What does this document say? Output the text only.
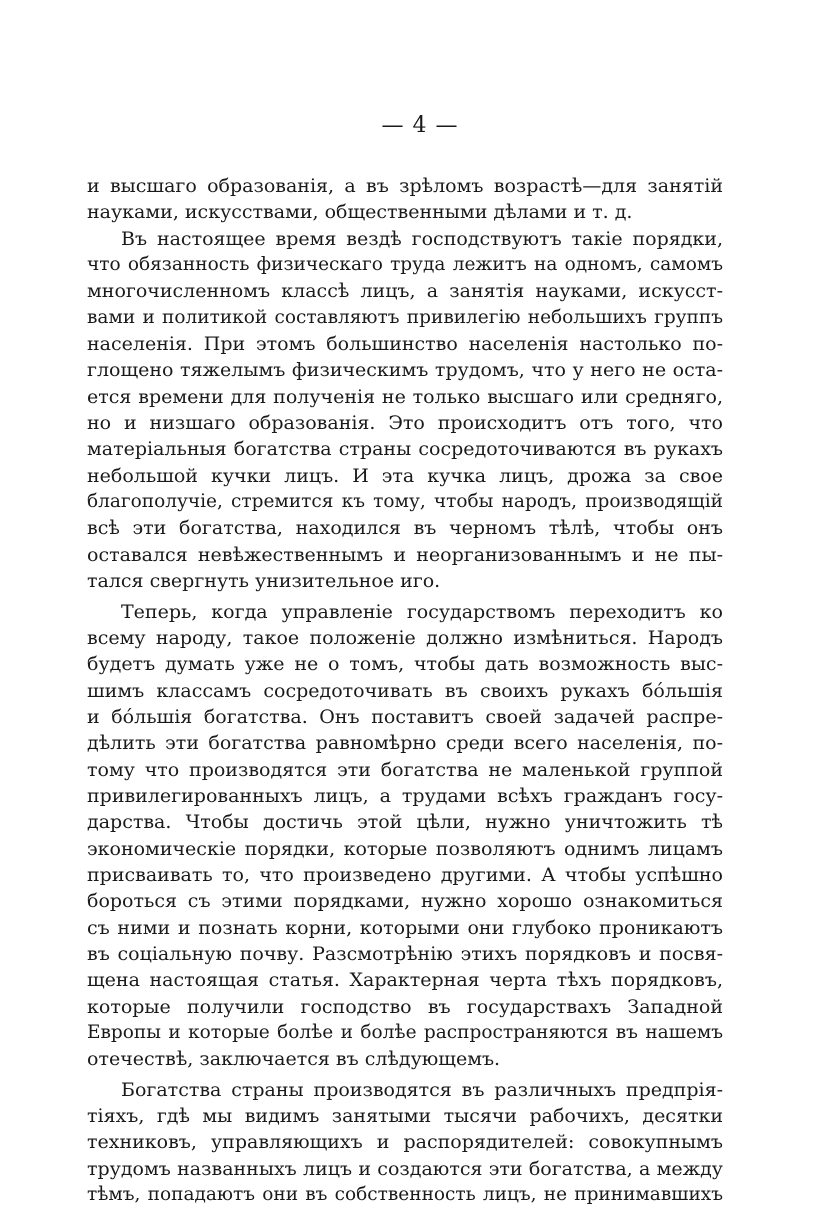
— 4 —
и высшаго образованія, а въ зрѣломъ возрастѣ—для занятій
науками, искусствами, общественными дѣлами и т. д.
Въ настоящее время вездѣ господствуютъ такіе порядки,
что обязанность физическаго труда лежитъ на одномъ, самомъ
многочисленномъ классѣ лицъ, а занятія науками, искусст-
вами и политикой составляютъ привилегію небольшихъ группъ
населенія. При этомъ большинство населенія настолько по-
глощено тяжелымъ физическимъ трудомъ, что у него не оста-
ется времени для полученія не только высшаго или средняго,
но и низшаго образованія. Это происходитъ отъ того, что
матеріальныя богатства страны сосредоточиваются въ рукахъ
небольшой кучки лицъ. И эта кучка лицъ, дрожа за свое
благополучіе, стремится къ тому, чтобы народъ, производящій
всѣ эти богатства, находился въ черномъ тѣлѣ, чтобы онъ
оставался невѣжественнымъ и неорганизованнымъ и не пы-
тался свергнуть унизительное иго.
Теперь, когда управленіе государствомъ переходитъ ко
всему народу, такое положеніе должно измѣниться. Народъ
будетъ думать уже не о томъ, чтобы дать возможность выс-
шимъ классамъ сосредоточивать въ своихъ рукахъ бóльшія
и бóльшія богатства. Онъ поставитъ своей задачей распре-
дѣлить эти богатства равномѣрно среди всего населенія, по-
тому что производятся эти богатства не маленькой группой
привилегированныхъ лицъ, а трудами всѣхъ гражданъ госу-
дарства. Чтобы достичь этой цѣли, нужно уничтожить тѣ
экономическіе порядки, которые позволяютъ однимъ лицамъ
присваивать то, что произведено другими. А чтобы успѣшно
бороться съ этими порядками, нужно хорошо ознакомиться
съ ними и познать корни, которыми они глубоко проникаютъ
въ соціальную почву. Разсмотрѣнію этихъ порядковъ и посвя-
щена настоящая статья. Характерная черта тѣхъ порядковъ,
которые получили господство въ государствахъ Западной
Европы и которые болѣе и болѣе распространяются въ нашемъ
отечествѣ, заключается въ слѣдующемъ.
Богатства страны производятся въ различныхъ предпрія-
тіяхъ, гдѣ мы видимъ занятыми тысячи рабочихъ, десятки
техниковъ, управляющихъ и распорядителей: совокупнымъ
трудомъ названныхъ лицъ и создаются эти богатства, а между
тѣмъ, попадаютъ они въ собственность лицъ, не принимавшихъ
